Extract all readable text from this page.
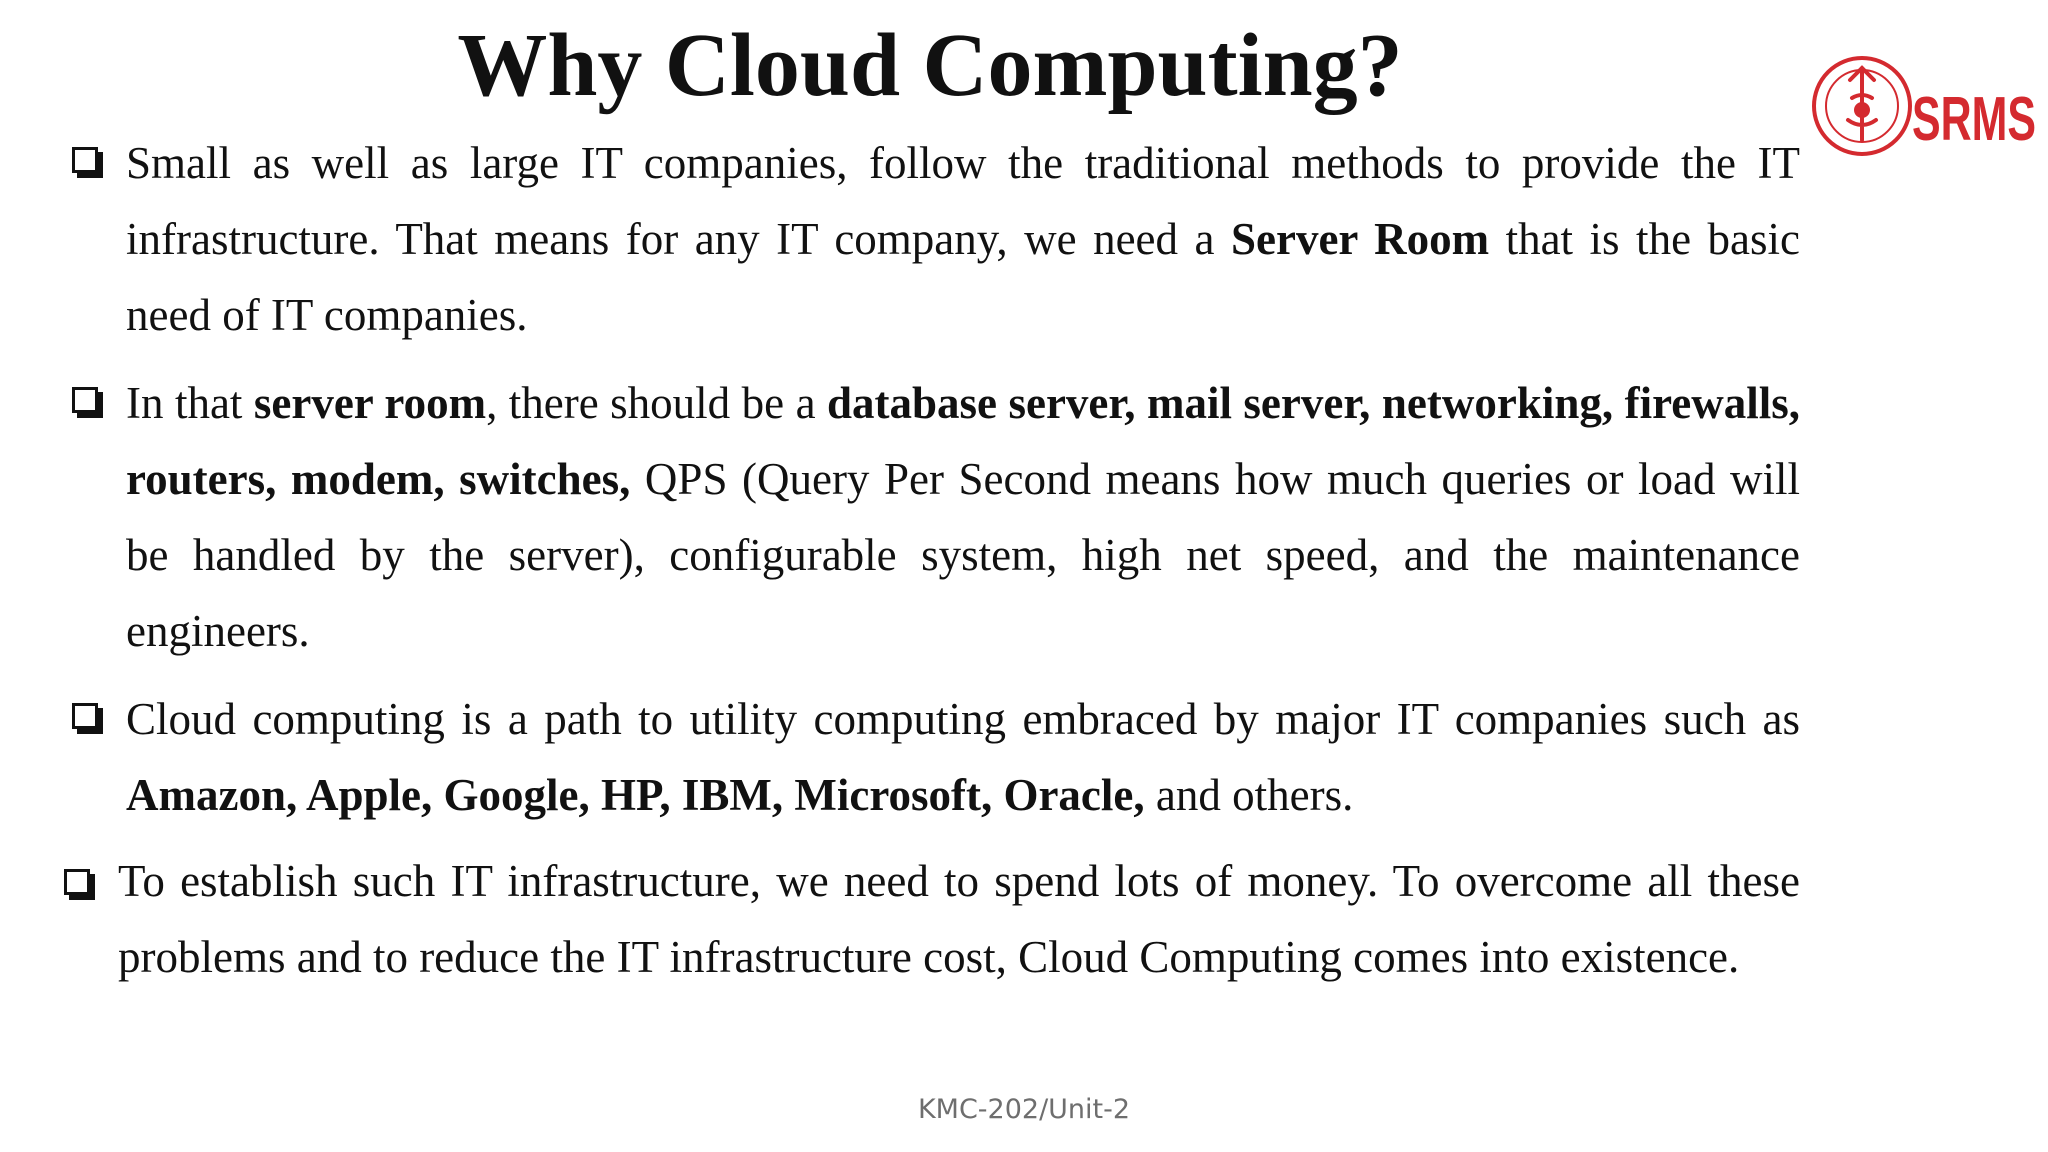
Why Cloud Computing?
SRMS
Small as well as large IT companies, follow the traditional methods to provide the IT infrastructure. That means for any IT company, we need a Server Room that is the basic need of IT companies.
In that server room, there should be a database server, mail server, networking, firewalls, routers, modem, switches, QPS (Query Per Second means how much queries or load will be handled by the server), configurable system, high net speed, and the maintenance engineers.
Cloud computing is a path to utility computing embraced by major IT companies such as Amazon, Apple, Google, HP, IBM, Microsoft, Oracle, and others.
To establish such IT infrastructure, we need to spend lots of money. To overcome all these problems and to reduce the IT infrastructure cost, Cloud Computing comes into existence.
KMC-202/Unit-2
